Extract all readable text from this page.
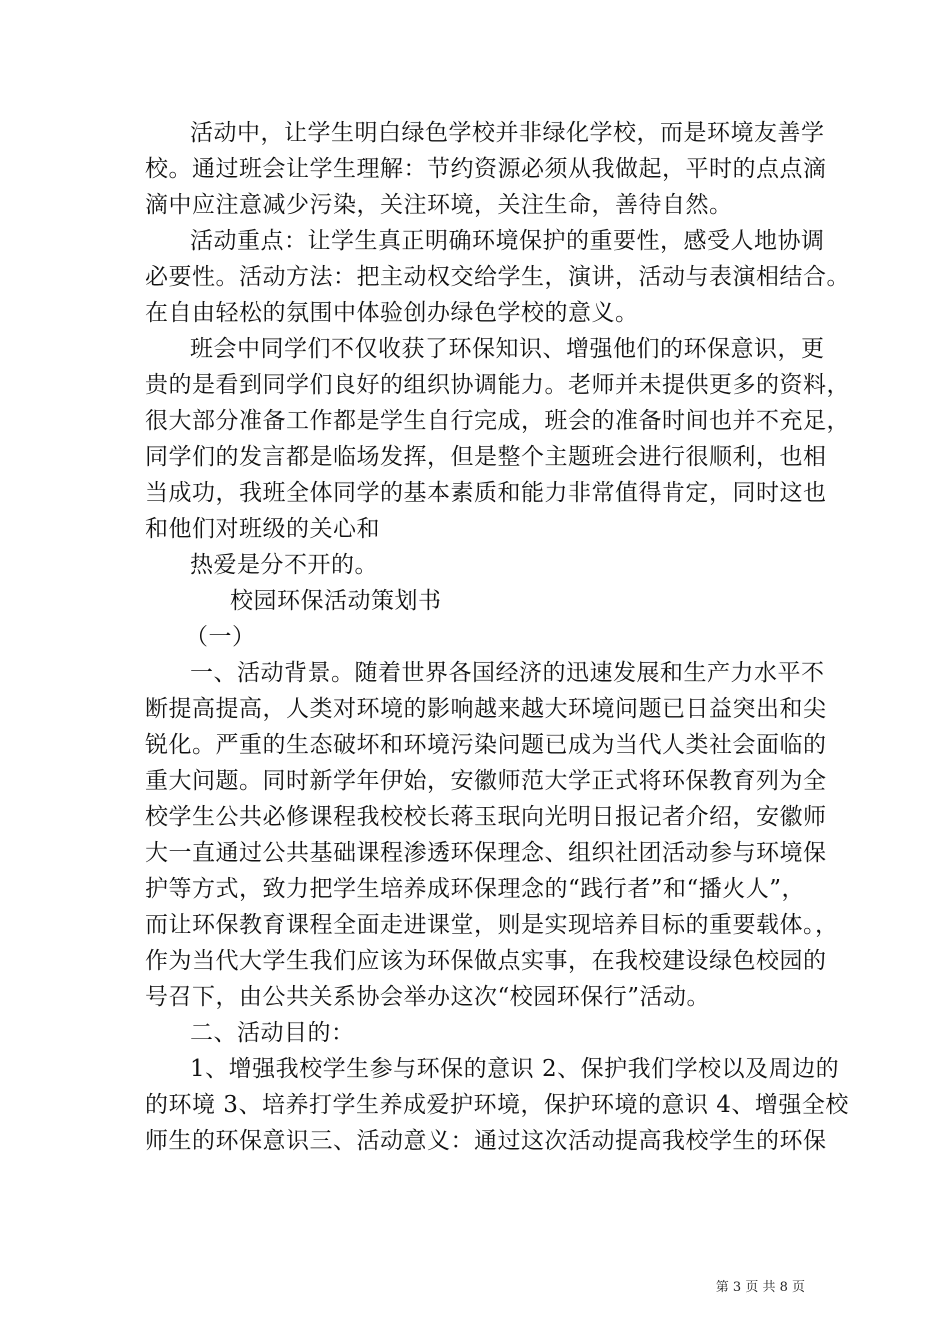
活动中，让学生明白绿色学校并非绿化学校，而是环境友善学
校。通过班会让学生理解：节约资源必须从我做起，平时的点点滴
滴中应注意减少污染，关注环境，关注生命，善待自然。
活动重点：让学生真正明确环境保护的重要性，感受人地协调
必要性。活动方法：把主动权交给学生，演讲，活动与表演相结合。
在自由轻松的氛围中体验创办绿色学校的意义。
班会中同学们不仅收获了环保知识、增强他们的环保意识，更
贵的是看到同学们良好的组织协调能力。老师并未提供更多的资料，
很大部分准备工作都是学生自行完成，班会的准备时间也并不充足，
同学们的发言都是临场发挥，但是整个主题班会进行很顺利，也相
当成功，我班全体同学的基本素质和能力非常值得肯定，同时这也
和他们对班级的关心和
热爱是分不开的。
校园环保活动策划书
（一）
一、活动背景。随着世界各国经济的迅速发展和生产力水平不
断提高提高，人类对环境的影响越来越大环境问题已日益突出和尖
锐化。严重的生态破坏和环境污染问题已成为当代人类社会面临的
重大问题。同时新学年伊始，安徽师范大学正式将环保教育列为全
校学生公共必修课程我校校长蒋玉珉向光明日报记者介绍，安徽师
大一直通过公共基础课程渗透环保理念、组织社团活动参与环境保
护等方式，致力把学生培养成环保理念的“践行者”和“播火人”，
而让环保教育课程全面走进课堂，则是实现培养目标的重要载体。，
作为当代大学生我们应该为环保做点实事，在我校建设绿色校园的
号召下，由公共关系协会举办这次“校园环保行”活动。
二、活动目的：
1、增强我校学生参与环保的意识 2、保护我们学校以及周边的
的环境 3、培养打学生养成爱护环境，保护环境的意识 4、增强全校
师生的环保意识三、活动意义：通过这次活动提高我校学生的环保
第 3 页 共 8 页
